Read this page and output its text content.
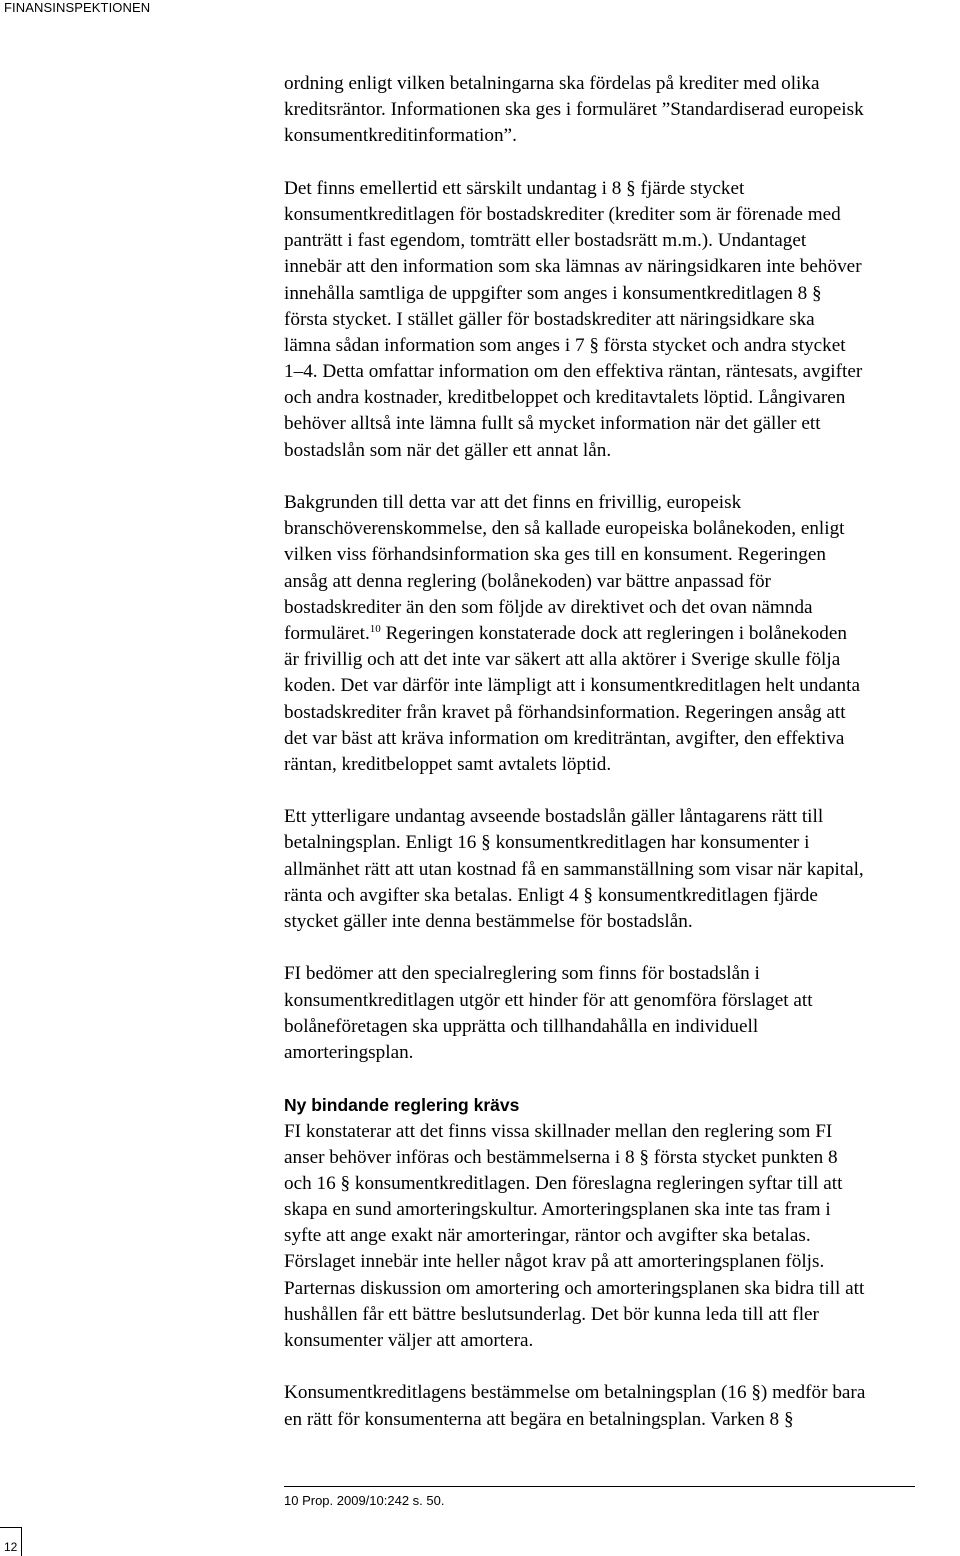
FINANSINSPEKTIONEN
ordning enligt vilken betalningarna ska fördelas på krediter med olika
kreditsräntor. Informationen ska ges i formuläret ”Standardiserad europeisk
konsumentkreditinformation”.
Det finns emellertid ett särskilt undantag i 8 § fjärde stycket
konsumentkreditlagen för bostadskrediter (krediter som är förenade med
panträtt i fast egendom, tomträtt eller bostadsrätt m.m.). Undantaget
innebär att den information som ska lämnas av näringsidkaren inte behöver
innehålla samtliga de uppgifter som anges i konsumentkreditlagen 8 §
första stycket. I stället gäller för bostadskrediter att näringsidkare ska
lämna sådan information som anges i 7 § första stycket och andra stycket
1–4. Detta omfattar information om den effektiva räntan, räntesats, avgifter
och andra kostnader, kreditbeloppet och kreditavtalets löptid. Långivaren
behöver alltså inte lämna fullt så mycket information när det gäller ett
bostadslån som när det gäller ett annat lån.
Bakgrunden till detta var att det finns en frivillig, europeisk
branschöverenskommelse, den så kallade europeiska bolånekoden, enligt
vilken viss förhandsinformation ska ges till en konsument. Regeringen
ansåg att denna reglering (bolånekoden) var bättre anpassad för
bostadskrediter än den som följde av direktivet och det ovan nämnda
formuläret.$^{10}$ Regeringen konstaterade dock att regleringen i bolånekoden
är frivillig och att det inte var säkert att alla aktörer i Sverige skulle följa
koden. Det var därför inte lämpligt att i konsumentkreditlagen helt undanta
bostadskrediter från kravet på förhandsinformation. Regeringen ansåg att
det var bäst att kräva information om krediträntan, avgifter, den effektiva
räntan, kreditbeloppet samt avtalets löptid.
Ett ytterligare undantag avseende bostadslån gäller låntagarens rätt till
betalningsplan. Enligt 16 § konsumentkreditlagen har konsumenter i
allmänhet rätt att utan kostnad få en sammanställning som visar när kapital,
ränta och avgifter ska betalas. Enligt 4 § konsumentkreditlagen fjärde
stycket gäller inte denna bestämmelse för bostadslån.
FI bedömer att den specialreglering som finns för bostadslån i
konsumentkreditlagen utgör ett hinder för att genomföra förslaget att
bolåneföretagen ska upprätta och tillhandahålla en individuell
amorteringsplan.
Ny bindande reglering krävs
FI konstaterar att det finns vissa skillnader mellan den reglering som FI
anser behöver införas och bestämmelserna i 8 § första stycket punkten 8
och 16 § konsumentkreditlagen. Den föreslagna regleringen syftar till att
skapa en sund amorteringskultur. Amorteringsplanen ska inte tas fram i
syfte att ange exakt när amorteringar, räntor och avgifter ska betalas.
Förslaget innebär inte heller något krav på att amorteringsplanen följs.
Parternas diskussion om amortering och amorteringsplanen ska bidra till att
hushållen får ett bättre beslutsunderlag. Det bör kunna leda till att fler
konsumenter väljer att amortera.
Konsumentkreditlagens bestämmelse om betalningsplan (16 §) medför bara
en rätt för konsumenterna att begära en betalningsplan. Varken 8 §
10 Prop. 2009/10:242 s. 50.
12
